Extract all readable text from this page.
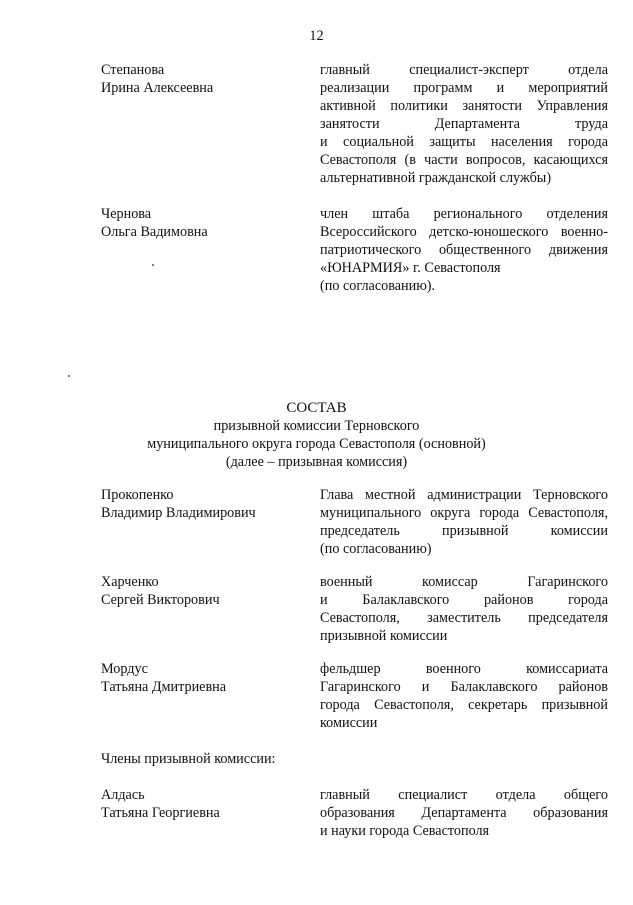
12
Степанова
Ирина Алексеевна
главный специалист-эксперт отдела
реализации программ и мероприятий
активной политики занятости Управления
занятости Департамента труда
и социальной защиты населения города
Севастополя (в части вопросов, касающихся
альтернативной гражданской службы)
Чернова
Ольга Вадимовна
член штаба регионального отделения
Всероссийского детско-юношеского военно-
патриотического общественного движения
«ЮНАРМИЯ» г. Севастополя
(по согласованию).
СОСТАВ
призывной комиссии Терновского
муниципального округа города Севастополя (основной)
(далее – призывная комиссия)
Прокопенко
Владимир Владимирович
Глава местной администрации Терновского
муниципального округа города Севастополя,
председатель призывной комиссии
(по согласованию)
Харченко
Сергей Викторович
военный комиссар Гагаринского
и Балаклавского районов города
Севастополя, заместитель председателя
призывной комиссии
Мордус
Татьяна Дмитриевна
фельдшер военного комиссариата
Гагаринского и Балаклавского районов
города Севастополя, секретарь призывной
комиссии
Члены призывной комиссии:
Алдась
Татьяна Георгиевна
главный специалист отдела общего
образования Департамента образования
и науки города Севастополя
